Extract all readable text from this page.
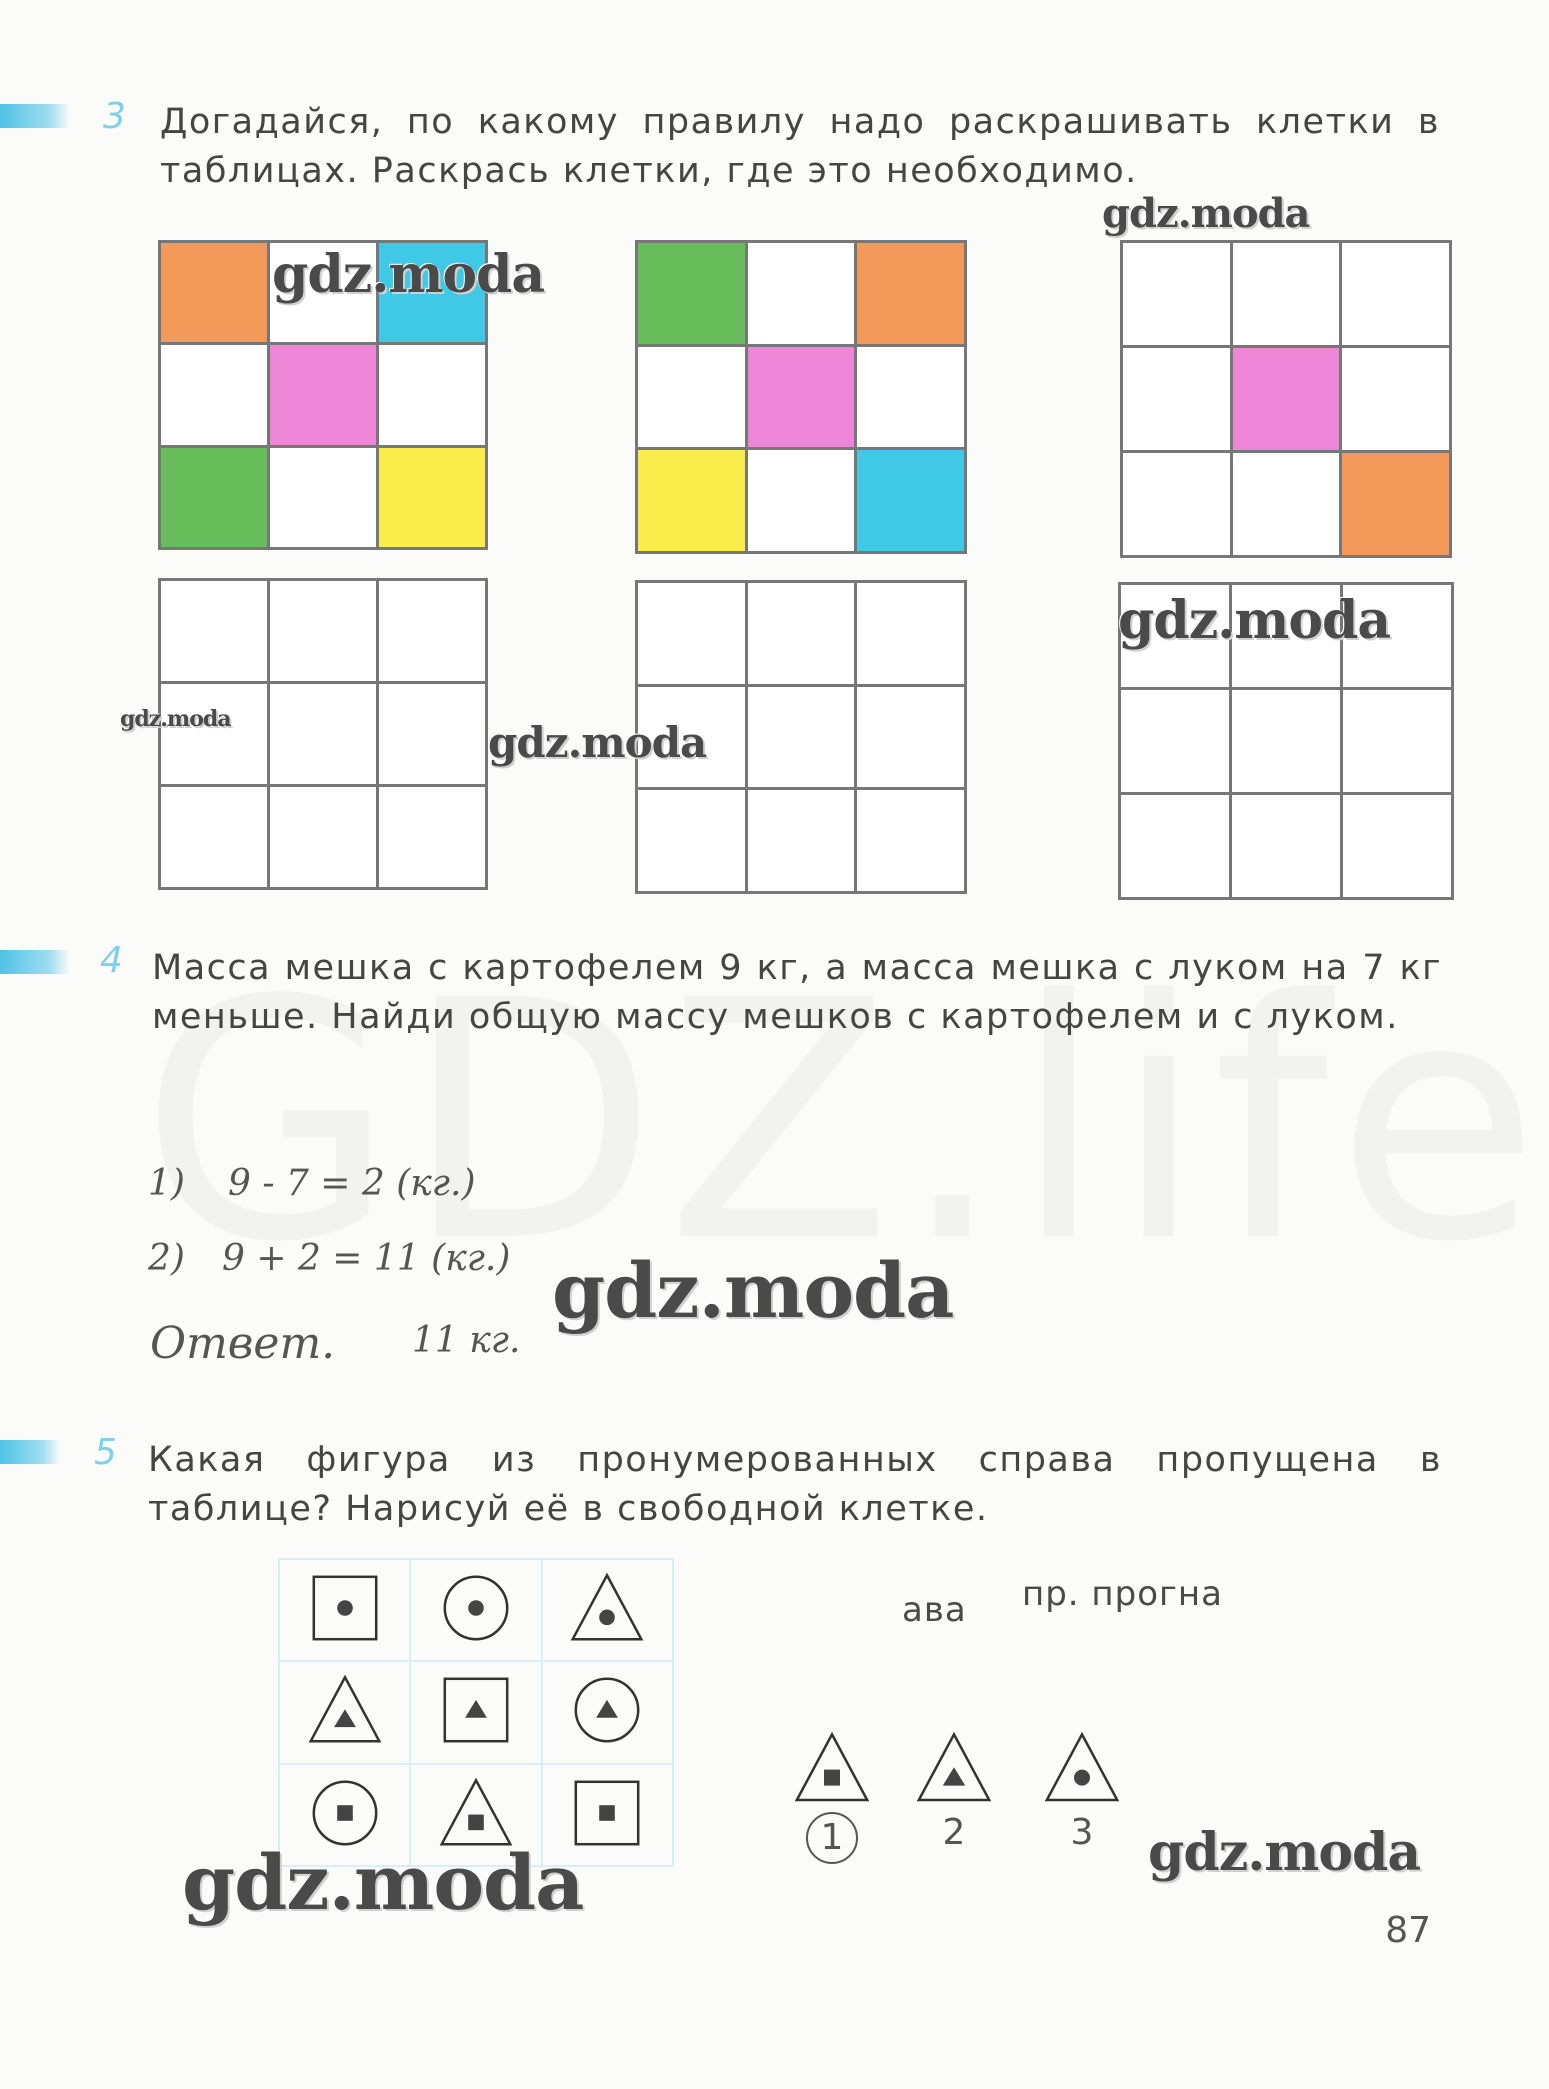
3 Догадайся, по какому правилу надо раскрашивать клетки в таблицах. Раскрась клетки, где это необходимо.
4 Масса мешка с картофелем 9 кг, а масса мешка с луком на 7 кг меньше. Найди общую массу мешков с картофелем и с луком.
1) 9 - 7 = 2 (кг.)
2) 9 + 2 = 11 (кг.)
Ответ. 11 кг.
5 Какая фигура из пронумерованных справа пропущена в таблице? Нарисуй её в свободной клетке.
ава пр. прогна
1	2	3
87
gdz.moda
gdz.moda
gdz.moda	gdz.moda
gdz.moda
gdz.moda
gdz.moda	gdz.moda
